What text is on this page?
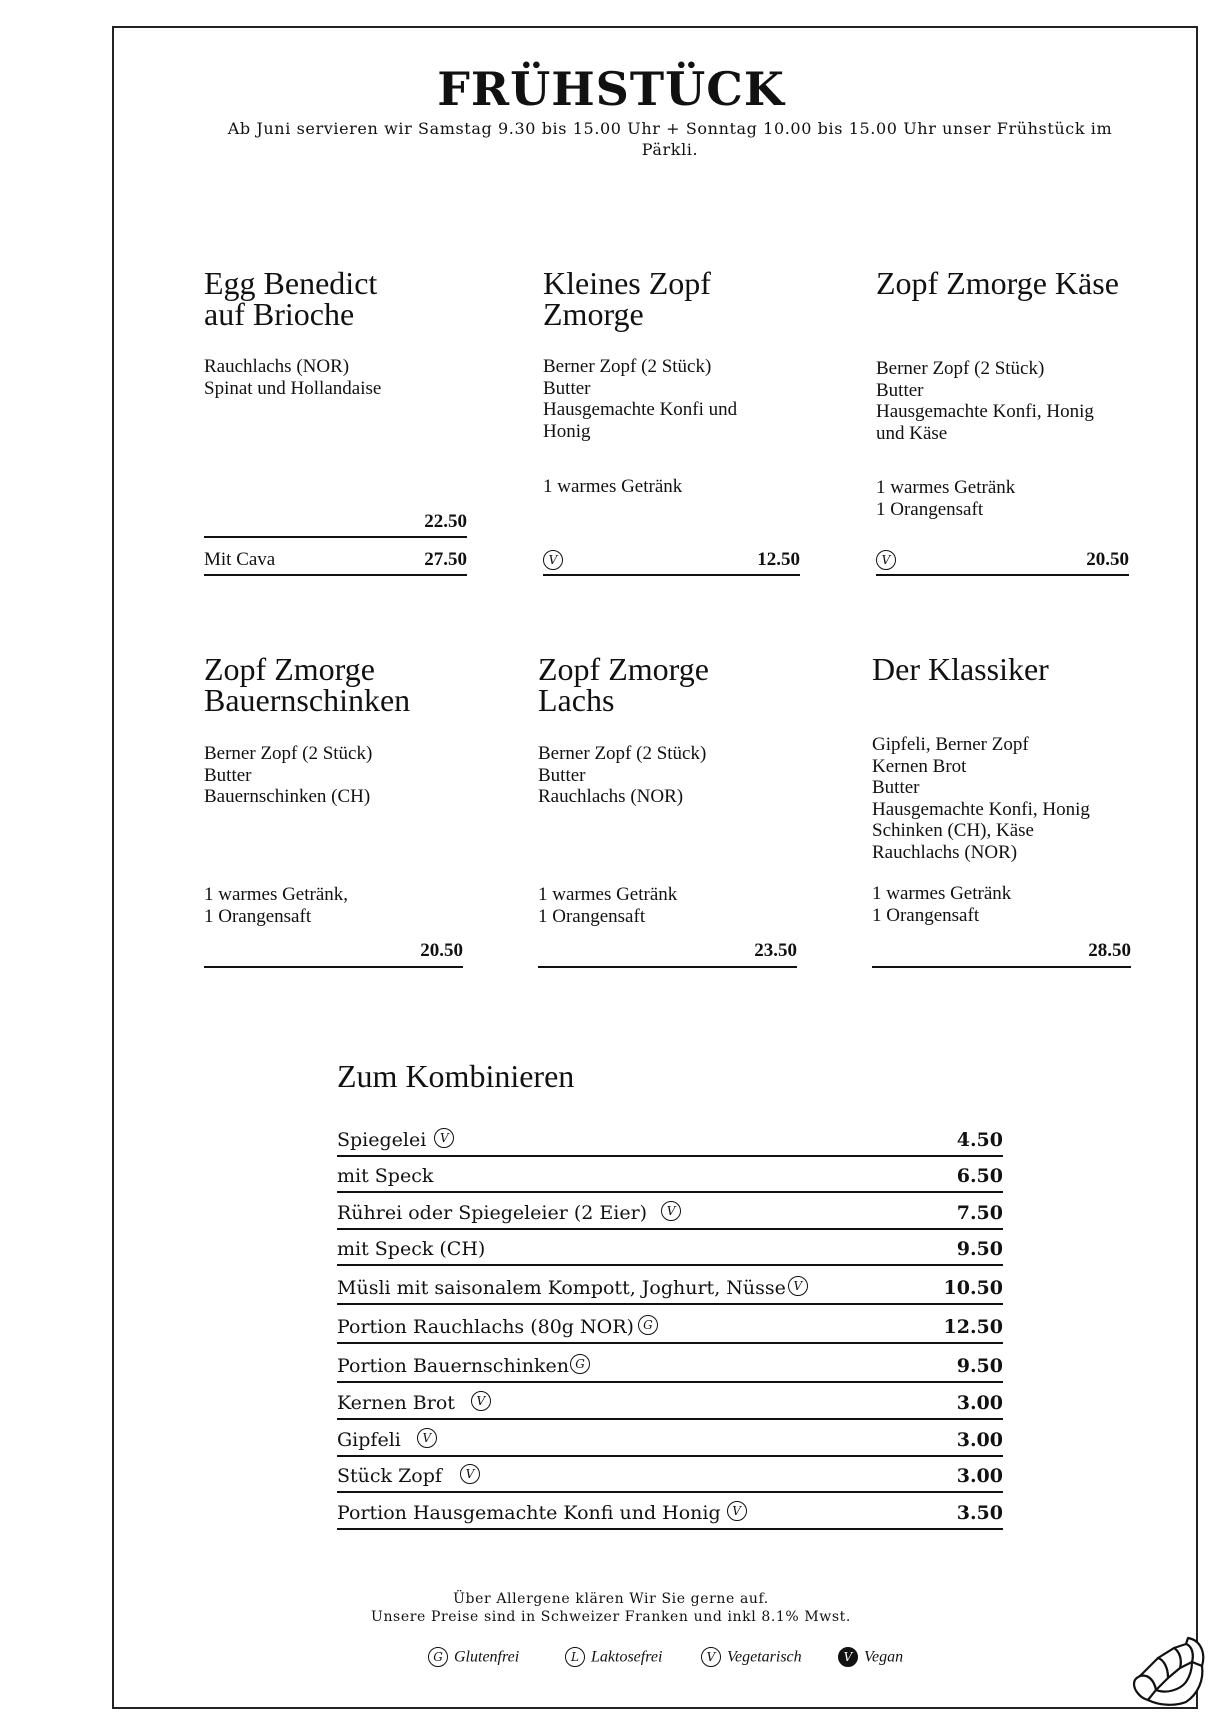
FRÜHSTÜCK

Ab Juni servieren wir Samstag 9.30 bis 15.00 Uhr + Sonntag 10.00 bis 15.00 Uhr unser Frühstück im Pärkli.

Egg Benedict
auf Brioche
Rauchlachs (NOR)
Spinat und Hollandaise
22.50
Mit Cava	27.50
Kleines Zopf
Zmorge
Berner Zopf (2 Stück)
Butter
Hausgemachte Konfi und
Honig
1 warmes Getränk
V	12.50
Zopf Zmorge Käse
Berner Zopf (2 Stück)
Butter
Hausgemachte Konfi, Honig
und Käse
1 warmes Getränk
1 Orangensaft
V	20.50
Zopf Zmorge
Bauernschinken
Berner Zopf (2 Stück)
Butter
Bauernschinken (CH)
1 warmes Getränk,
1 Orangensaft
20.50
Zopf Zmorge
Lachs
Berner Zopf (2 Stück)
Butter
Rauchlachs (NOR)
1 warmes Getränk
1 Orangensaft
23.50
Der Klassiker
Gipfeli, Berner Zopf
Kernen Brot
Butter
Hausgemachte Konfi, Honig
Schinken (CH), Käse
Rauchlachs (NOR)
1 warmes Getränk
1 Orangensaft
28.50
Zum Kombinieren
Spiegelei V	4.50
mit Speck	6.50
Rührei oder Spiegeleier (2 Eier) V	7.50
mit Speck (CH)	9.50
Müsli mit saisonalem Kompott, Joghurt, Nüsse V	10.50
Portion Rauchlachs (80g NOR) G	12.50
Portion Bauernschinken G	9.50
Kernen Brot V	3.00
Gipfeli V	3.00
Stück Zopf V	3.00
Portion Hausgemachte Konfi und Honig V	3.50
Über Allergene klären Wir Sie gerne auf.
Unsere Preise sind in Schweizer Franken und inkl 8.1% Mwst.
G Glutenfrei	L Laktosefrei	V Vegetarisch	V Vegan
